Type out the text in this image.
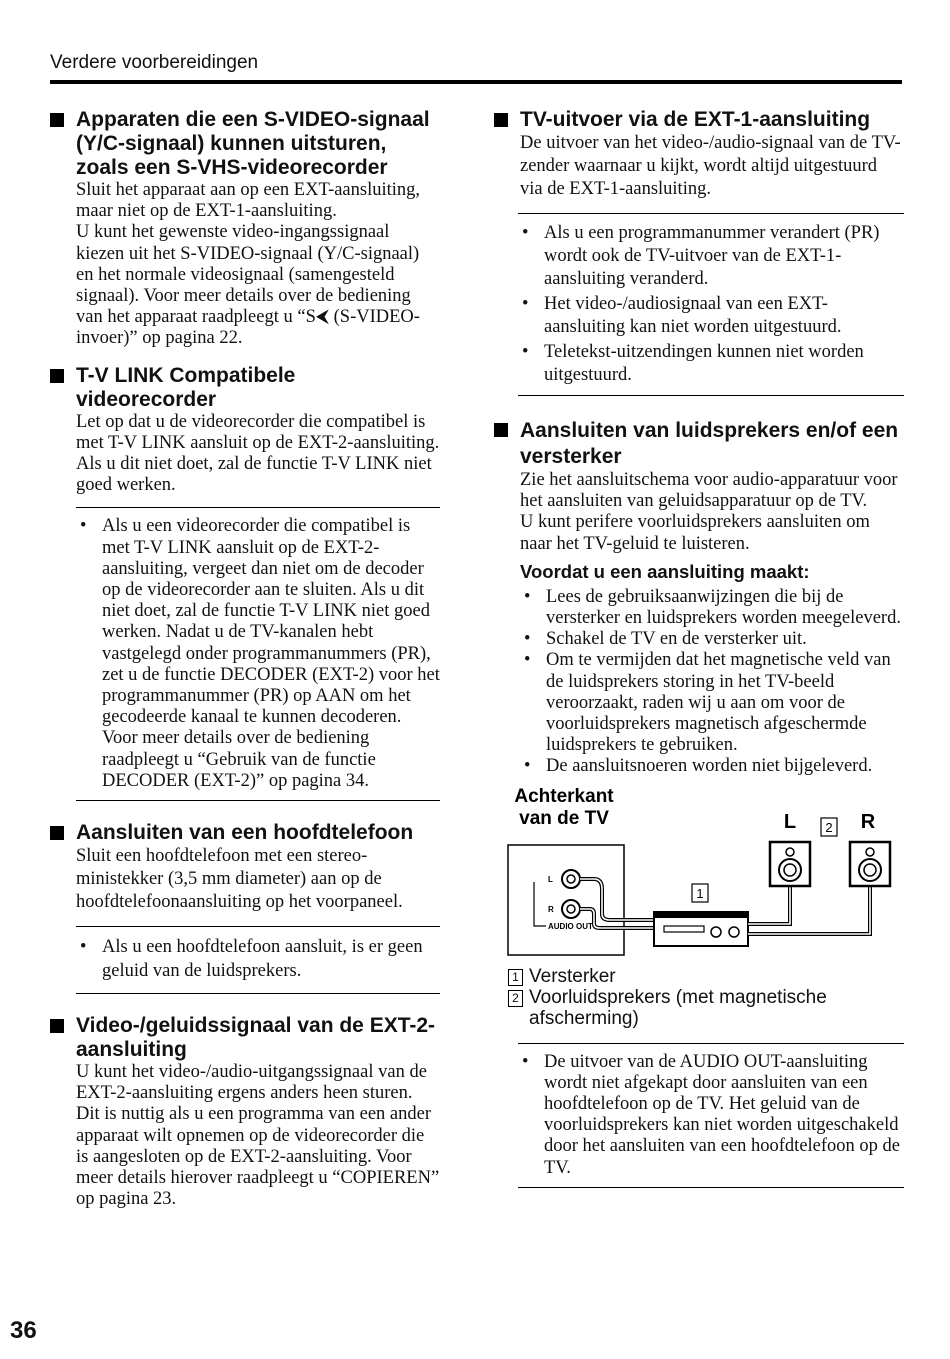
Verdere voorbereidingen
Apparaten die een S-VIDEO-signaal (Y/C-signaal) kunnen uitsturen, zoals een S-VHS-videorecorder

Sluit het apparaat aan op een EXT-aansluiting, maar niet op de EXT-1-aansluiting.

U kunt het gewenste video-ingangssignaal kiezen uit het S-VIDEO-signaal (Y/C-signaal) en het normale videosignaal (samengesteld signaal). Voor meer details over de bediening van het apparaat raadpleegt u “S⮜ (S-VIDEO-invoer)” op pagina 22.

T-V LINK Compatibele videorecorder

Let op dat u de videorecorder die compatibel is met T-V LINK aansluit op de EXT-2-aansluiting. Als u dit niet doet, zal de functie T-V LINK niet goed werken.

• Als u een videorecorder die compatibel is met T-V LINK aansluit op de EXT-2-aansluiting, vergeet dan niet om de decoder op de videorecorder aan te sluiten. Als u dit niet doet, zal de functie T-V LINK niet goed werken. Nadat u de TV-kanalen hebt vastgelegd onder programmanummers (PR), zet u de functie DECODER (EXT-2) voor het programmanummer (PR) op AAN om het gecodeerde kanaal te kunnen decoderen. Voor meer details over de bediening raadpleegt u “Gebruik van de functie DECODER (EXT-2)” op pagina 34.
Aansluiten van een hoofdtelefoon

Sluit een hoofdtelefoon met een stereo-ministekker (3,5 mm diameter) aan op de hoofdtelefoonaansluiting op het voorpaneel.

• Als u een hoofdtelefoon aansluit, is er geen geluid van de luidsprekers.
Video-/geluidssignaal van de EXT-2-aansluiting

U kunt het video-/audio-uitgangssignaal van de EXT-2-aansluiting ergens anders heen sturen. Dit is nuttig als u een programma van een ander apparaat wilt opnemen op de videorecorder die is aangesloten op de EXT-2-aansluiting. Voor meer details hierover raadpleegt u “COPIEREN” op pagina 23.

TV-uitvoer via de EXT-1-aansluiting

De uitvoer van het video-/audio-signaal van de TV-zender waarnaar u kijkt, wordt altijd uitgestuurd via de EXT-1-aansluiting.

• Als u een programmanummer verandert (PR) wordt ook de TV-uitvoer van de EXT-1-aansluiting veranderd.
• Het video-/audiosignaal van een EXT-aansluiting kan niet worden uitgestuurd.
• Teletekst-uitzendingen kunnen niet worden uitgestuurd.
Aansluiten van luidsprekers en/of een versterker

Zie het aansluitschema voor audio-apparatuur voor het aansluiten van geluidsapparatuur op de TV.

U kunt perifere voorluidsprekers aansluiten om naar het TV-geluid te luisteren.

Voordat u een aansluiting maakt:
• Lees de gebruiksaanwijzingen die bij de versterker en luidsprekers worden meegeleverd.
• Schakel de TV en de versterker uit.
• Om te vermijden dat het magnetische veld van de luidsprekers storing in het TV-beeld veroorzaakt, raden wij u aan om voor de voorluidsprekers magnetisch afgeschermde luidsprekers te gebruiken.
• De aansluitsnoeren worden niet bijgeleverd.
Achterkant
van de TV
L
R
AUDIO OUT
1
L	R
2
1 Versterker
2 Voorluidsprekers (met magnetische afscherming)
• De uitvoer van de AUDIO OUT-aansluiting wordt niet afgekapt door aansluiten van een hoofdtelefoon op de TV. Het geluid van de voorluidsprekers kan niet worden uitgeschakeld door het aansluiten van een hoofdtelefoon op de TV.
36
